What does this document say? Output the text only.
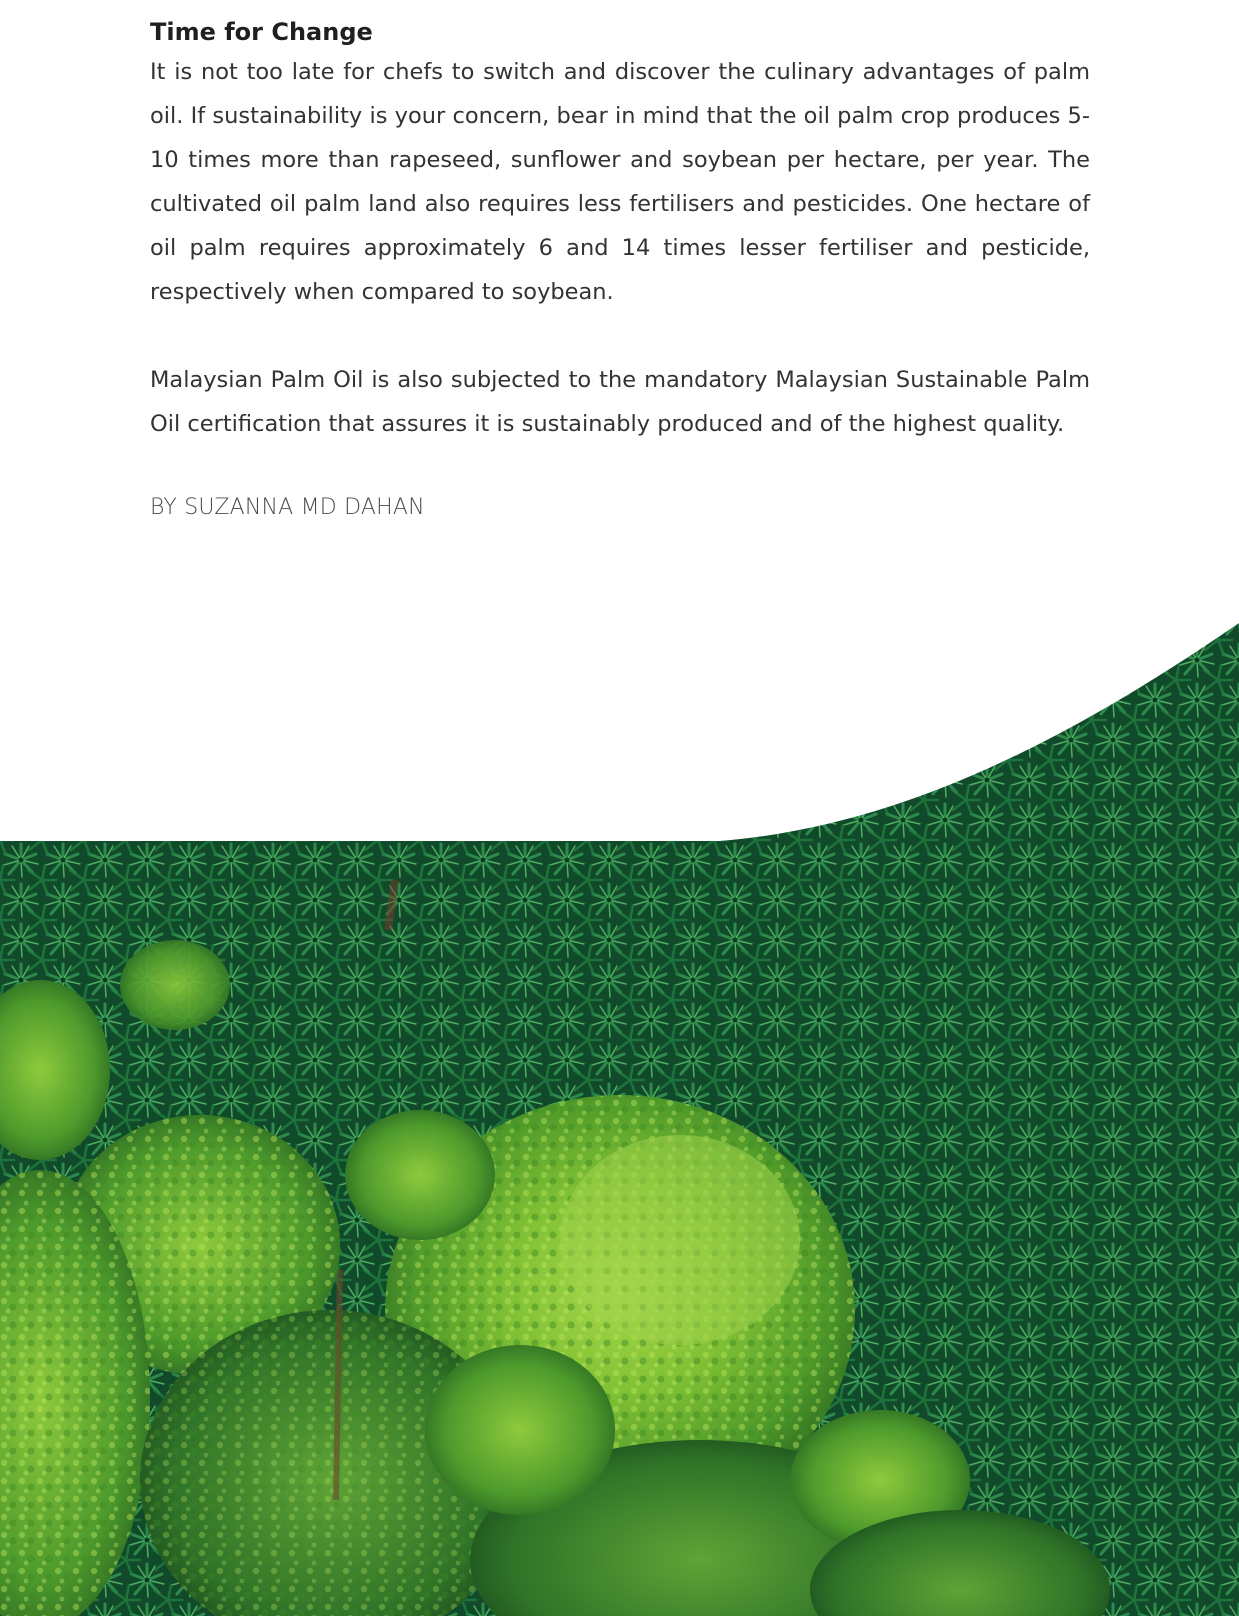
Time for Change

It is not too late for chefs to switch and discover the culinary advantages of palm oil. If sustainability is your concern, bear in mind that the oil palm crop produces 5-10 times more than rapeseed, sunflower and soybean per hectare, per year. The cultivated oil palm land also requires less fertilisers and pesticides. One hectare of oil palm requires approximately 6 and 14 times lesser fertiliser and pesticide, respectively when compared to soybean.

Malaysian Palm Oil is also subjected to the mandatory Malaysian Sustainable Palm Oil certification that assures it is sustainably produced and of the highest quality.

BY SUZANNA MD DAHAN
